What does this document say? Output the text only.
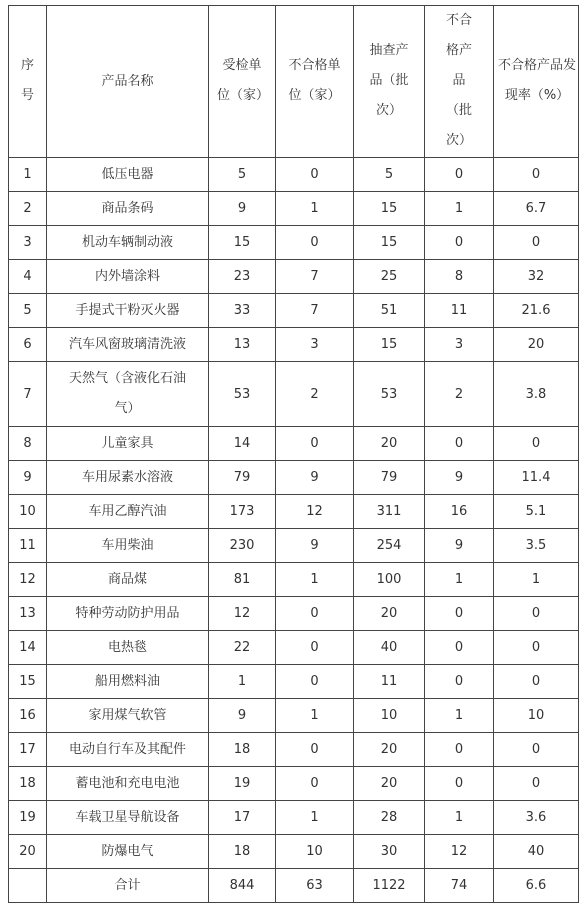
序号	产品名称	受检单位（家）	不合格单位（家）	抽查产品（批次）	不合格产品（批次）	不合格产品发现率（%）
1	低压电器	5	0	5	0	0
2	商品条码	9	1	15	1	6.7
3	机动车辆制动液	15	0	15	0	0
4	内外墙涂料	23	7	25	8	32
5	手提式干粉灭火器	33	7	51	11	21.6
6	汽车风窗玻璃清洗液	13	3	15	3	20
7	天然气（含液化石油气）	53	2	53	2	3.8
8	儿童家具	14	0	20	0	0
9	车用尿素水溶液	79	9	79	9	11.4
10	车用乙醇汽油	173	12	311	16	5.1
11	车用柴油	230	9	254	9	3.5
12	商品煤	81	1	100	1	1
13	特种劳动防护用品	12	0	20	0	0
14	电热毯	22	0	40	0	0
15	船用燃料油	1	0	11	0	0
16	家用煤气软管	9	1	10	1	10
17	电动自行车及其配件	18	0	20	0	0
18	蓄电池和充电电池	19	0	20	0	0
19	车载卫星导航设备	17	1	28	1	3.6
20	防爆电气	18	10	30	12	40
	合计	844	63	1122	74	6.6
